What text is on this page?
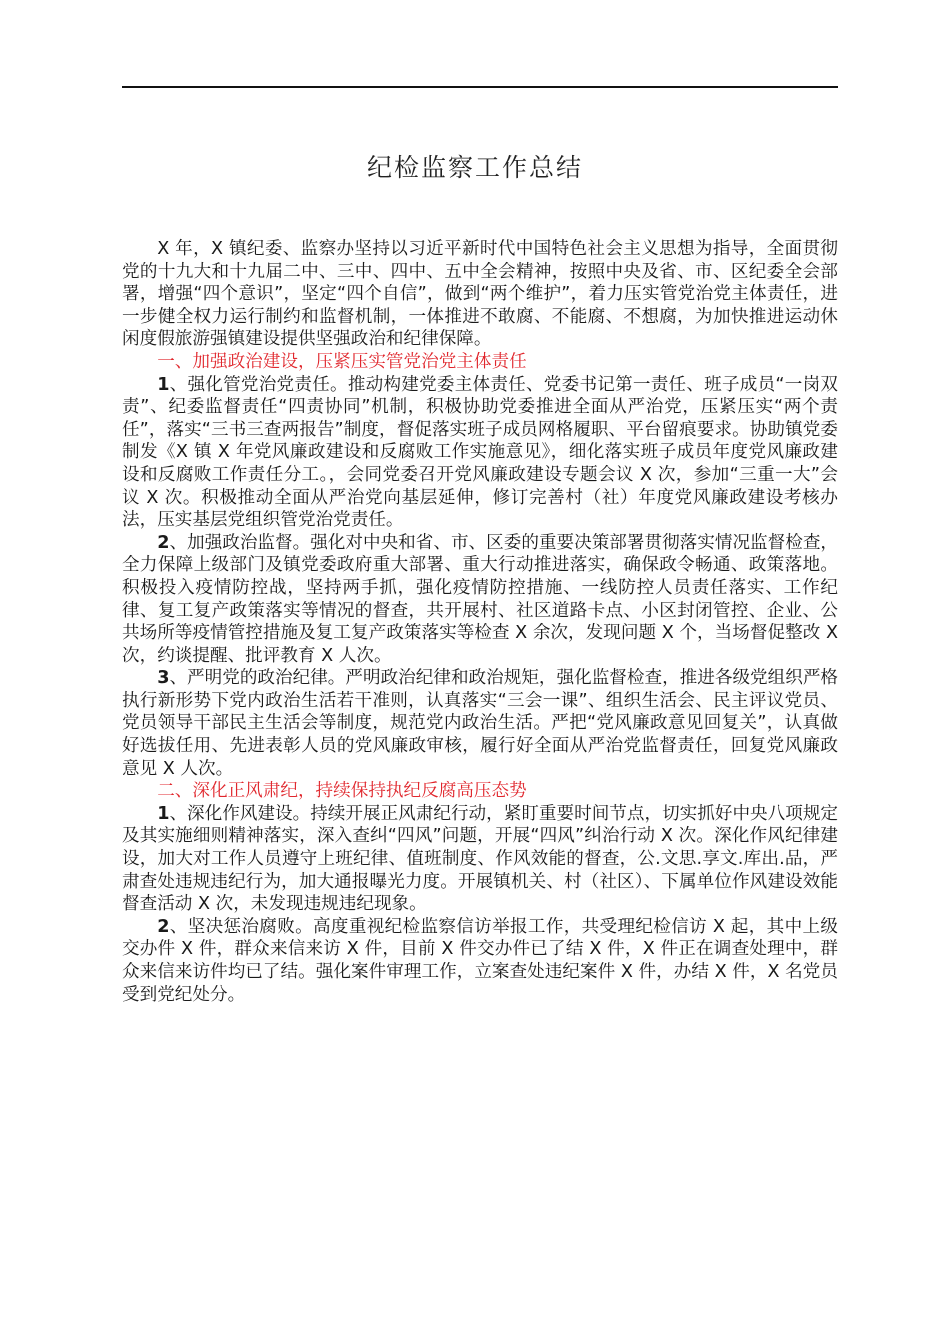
纪检监察工作总结

X 年，X 镇纪委、监察办坚持以习近平新时代中国特色社会主义思想为指导，全面贯彻党的十九大和十九届二中、三中、四中、五中全会精神，按照中央及省、市、区纪委全会部署，增强“四个意识”，坚定“四个自信”，做到“两个维护”，着力压实管党治党主体责任，进一步健全权力运行制约和监督机制，一体推进不敢腐、不能腐、不想腐，为加快推进运动休闲度假旅游强镇建设提供坚强政治和纪律保障。

一、加强政治建设，压紧压实管党治党主体责任

1、强化管党治党责任。推动构建党委主体责任、党委书记第一责任、班子成员“一岗双责”、纪委监督责任“四责协同”机制，积极协助党委推进全面从严治党，压紧压实“两个责任”，落实“三书三查两报告”制度，督促落实班子成员网格履职、平台留痕要求。协助镇党委制发《X 镇 X 年党风廉政建设和反腐败工作实施意见》，细化落实班子成员年度党风廉政建设和反腐败工作责任分工。，会同党委召开党风廉政建设专题会议 X 次，参加“三重一大”会议 X 次。积极推动全面从严治党向基层延伸，修订完善村（社）年度党风廉政建设考核办法，压实基层党组织管党治党责任。

2、加强政治监督。强化对中央和省、市、区委的重要决策部署贯彻落实情况监督检查，全力保障上级部门及镇党委政府重大部署、重大行动推进落实，确保政令畅通、政策落地。积极投入疫情防控战，坚持两手抓，强化疫情防控措施、一线防控人员责任落实、工作纪律、复工复产政策落实等情况的督查，共开展村、社区道路卡点、小区封闭管控、企业、公共场所等疫情管控措施及复工复产政策落实等检查 X 余次，发现问题 X 个，当场督促整改 X 次，约谈提醒、批评教育 X 人次。

3、严明党的政治纪律。严明政治纪律和政治规矩，强化监督检查，推进各级党组织严格执行新形势下党内政治生活若干准则，认真落实“三会一课”、组织生活会、民主评议党员、党员领导干部民主生活会等制度，规范党内政治生活。严把“党风廉政意见回复关”，认真做好选拔任用、先进表彰人员的党风廉政审核，履行好全面从严治党监督责任，回复党风廉政意见 X 人次。

二、深化正风肃纪，持续保持执纪反腐高压态势

1、深化作风建设。持续开展正风肃纪行动，紧盯重要时间节点，切实抓好中央八项规定及其实施细则精神落实，深入查纠“四风”问题，开展“四风”纠治行动 X 次。深化作风纪律建设，加大对工作人员遵守上班纪律、值班制度、作风效能的督查，公.文思.享文.库出.品，严肃查处违规违纪行为，加大通报曝光力度。开展镇机关、村（社区）、下属单位作风建设效能督查活动 X 次，未发现违规违纪现象。

2、坚决惩治腐败。高度重视纪检监察信访举报工作，共受理纪检信访 X 起，其中上级交办件 X 件，群众来信来访 X 件，目前 X 件交办件已了结 X 件，X 件正在调查处理中，群众来信来访件均已了结。强化案件审理工作，立案查处违纪案件 X 件，办结 X 件，X 名党员受到党纪处分。
